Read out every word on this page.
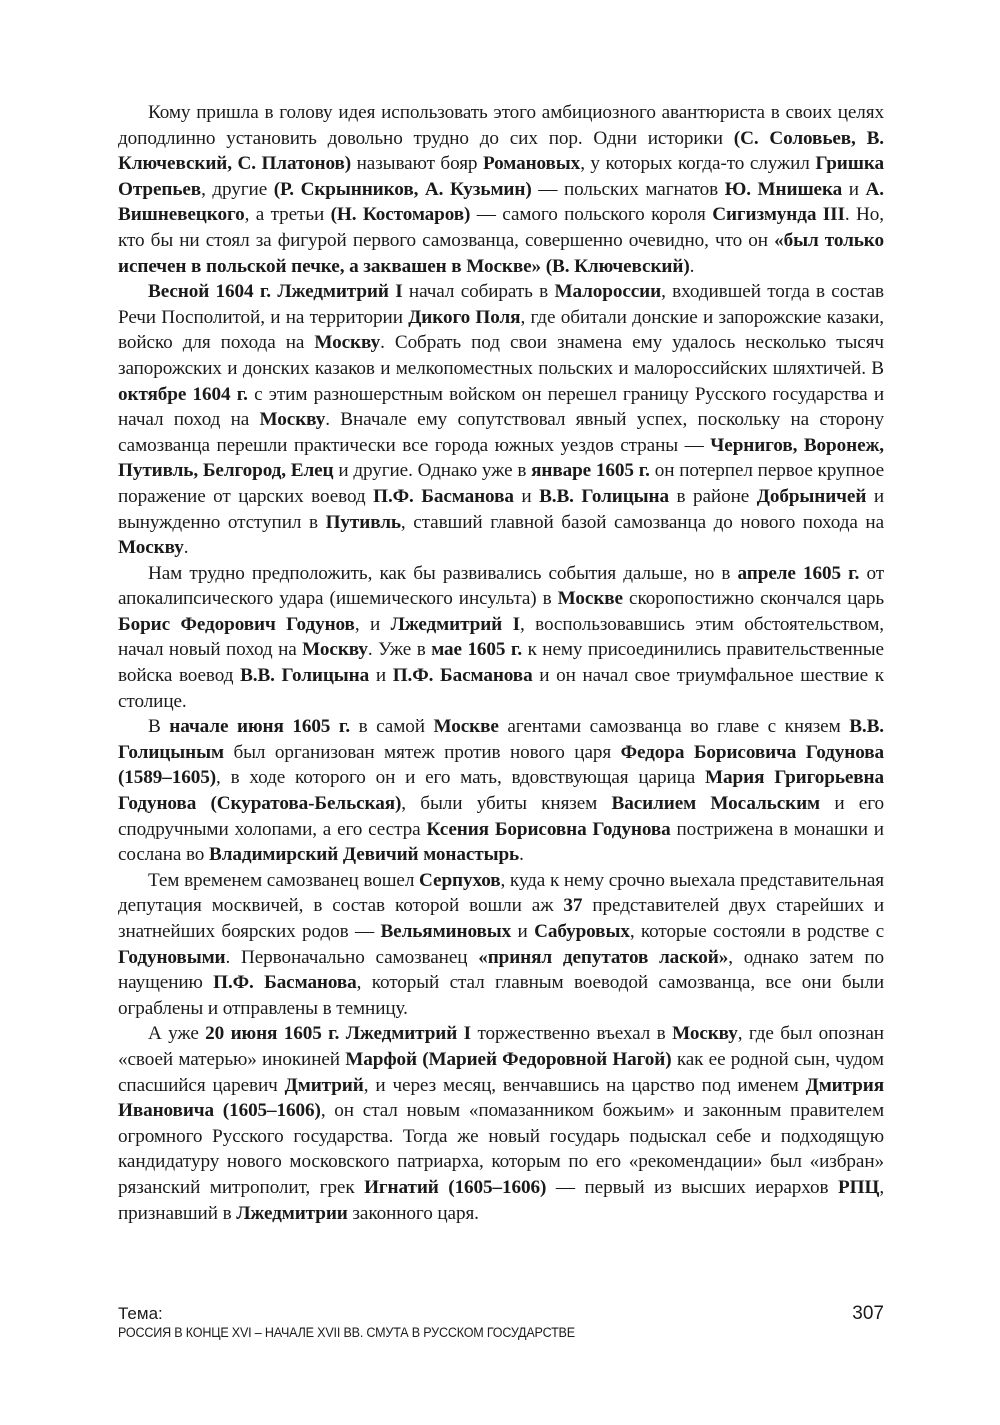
Кому пришла в голову идея использовать этого амбициозного авантюриста в своих целях доподлинно установить довольно трудно до сих пор. Одни историки (С. Соловьев, В. Ключевский, С. Платонов) называют бояр Романовых, у которых когда-то служил Гришка Отрепьев, другие (Р. Скрынников, А. Кузьмин) — польских магнатов Ю. Мнишека и А. Вишневецкого, а третьи (Н. Костомаров) — самого польского короля Сигизмунда III. Но, кто бы ни стоял за фигурой первого самозванца, совершенно очевидно, что он «был только испечен в польской печке, а заквашен в Москве» (В. Ключевский).

Весной 1604 г. Лжедмитрий I начал собирать в Малороссии, входившей тогда в состав Речи Посполитой, и на территории Дикого Поля, где обитали донские и запорожские казаки, войско для похода на Москву. Собрать под свои знамена ему удалось несколько тысяч запорожских и донских казаков и мелкопоместных польских и малороссийских шляхтичей. В октябре 1604 г. с этим разношерстным войском он перешел границу Русского государства и начал поход на Москву. Вначале ему сопутствовал явный успех, поскольку на сторону самозванца перешли практически все города южных уездов страны — Чернигов, Воронеж, Путивль, Белгород, Елец и другие. Однако уже в январе 1605 г. он потерпел первое крупное поражение от царских воевод П.Ф. Басманова и В.В. Голицына в районе Добрыничей и вынужденно отступил в Путивль, ставший главной базой самозванца до нового похода на Москву.

Нам трудно предположить, как бы развивались события дальше, но в апреле 1605 г. от апокалипсического удара (ишемического инсульта) в Москве скоропостижно скончался царь Борис Федорович Годунов, и Лжедмитрий I, воспользовавшись этим обстоятельством, начал новый поход на Москву. Уже в мае 1605 г. к нему присоединились правительственные войска воевод В.В. Голицына и П.Ф. Басманова и он начал свое триумфальное шествие к столице.

В начале июня 1605 г. в самой Москве агентами самозванца во главе с князем В.В. Голицыным был организован мятеж против нового царя Федора Борисовича Годунова (1589–1605), в ходе которого он и его мать, вдовствующая царица Мария Григорьевна Годунова (Скуратова-Бельская), были убиты князем Василием Мосальским и его сподручными холопами, а его сестра Ксения Борисовна Годунова пострижена в монашки и сослана во Владимирский Девичий монастырь.

Тем временем самозванец вошел Серпухов, куда к нему срочно выехала представительная депутация москвичей, в состав которой вошли аж 37 представителей двух старейших и знатнейших боярских родов — Вельяминовых и Сабуровых, которые состояли в родстве с Годуновыми. Первоначально самозванец «принял депутатов лаской», однако затем по наущению П.Ф. Басманова, который стал главным воеводой самозванца, все они были ограблены и отправлены в темницу.

А уже 20 июня 1605 г. Лжедмитрий I торжественно въехал в Москву, где был опознан «своей матерью» инокиней Марфой (Марией Федоровной Нагой) как ее родной сын, чудом спасшийся царевич Дмитрий, и через месяц, венчавшись на царство под именем Дмитрия Ивановича (1605–1606), он стал новым «помазанником божьим» и законным правителем огромного Русского государства. Тогда же новый государь подыскал себе и подходящую кандидатуру нового московского патриарха, которым по его «рекомендации» был «избран» рязанский митрополит, грек Игнатий (1605–1606) — первый из высших иерархов РПЦ, признавший в Лжедмитрии законного царя.

Тема:
РОССИЯ В КОНЦЕ XVI – НАЧАЛЕ XVII ВВ. СМУТА В РУССКОМ ГОСУДАРСТВЕ
307
